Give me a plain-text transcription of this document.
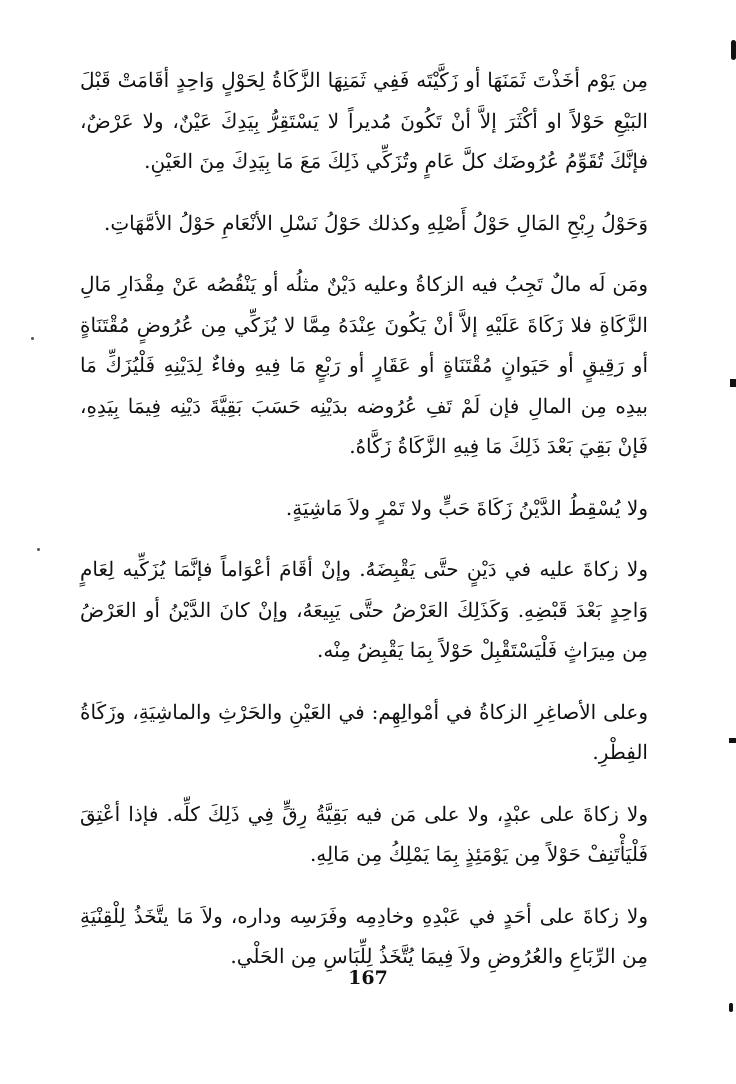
مِن يَوْم أخَذْتَ ثَمَنَهَا أو زَكَّيْتَه فَفِي ثَمَنِهَا الزَّكَاةُ لِحَوْلٍ وَاحِدٍ أقَامَتْ قَبْلَ البَيْعِ حَوْلاً او أكْثَرَ إلاَّ أنْ تَكُونَ مُديراً لا يَسْتَقِرُّ بِيَدِكَ عَيْنٌ، ولا عَرْضٌ، فإنَّكَ تُقَوِّمُ عُرُوضَك كلَّ عَامٍ وتُزَكِّي ذَلِكَ مَعَ مَا بِيَدِكَ مِنَ العَيْنِ.

وَحَوْلُ رِبْحِ المَالِ حَوْلُ أَصْلِهِ وكذلك حَوْلُ نَسْلِ الأنْعَامِ حَوْلُ الأمَّهَاتِ.

ومَن لَه مالٌ تَجِبُ فيه الزكاةُ وعليه دَيْنٌ مثلُه أو يَنْقُصُه عَنْ مِقْدَارِ مَالِ الزَّكَاةِ فلا زَكَاةَ عَلَيْهِ إلاَّ أنْ يَكُونَ عِنْدَهُ مِمَّا لا يُزَكِّي مِن عُرُوضٍ مُقْتَنَاةٍ أو رَقِيقٍ أو حَيَوانٍ مُقْتَنَاةٍ أو عَقَارٍ أو رَبْعٍ مَا فِيهِ وفاءٌ لِدَيْنِهِ فَلْيُزَكِّ مَا بيدِه مِن المالِ فإن لَمْ تَفِ عُرُوضه بدَيْنِه حَسَبَ بَقِيَّةَ دَيْنِه فِيمَا بِيَدِهِ، فَإنْ بَقِيَ بَعْدَ ذَلِكَ مَا فِيهِ الزَّكَاةُ زَكَّاهُ.

ولا يُسْقِطُ الدَّيْنُ زَكَاةَ حَبٍّ ولا تَمْرٍ ولاَ مَاشِيَةٍ.

ولا زكاةَ عليه في دَيْنٍ حتَّى يَقْبِضَهُ. وإنْ أقَامَ أعْوَاماً فإنَّمَا يُزَكِّيه لِعَامٍ وَاحِدٍ بَعْدَ قَبْضِهِ. وَكَذَلِكَ العَرْضُ حتَّى يَبِيعَهُ، وإنْ كانَ الدَّيْنُ أو العَرْضُ مِن مِيرَاثٍ فَلْيَسْتَقْبِلْ حَوْلاً بِمَا يَقْبِضُ مِنْه.

وعلى الأصاغِرِ الزكاةُ في أمْوالِهِم: في العَيْنِ والحَرْثِ والماشِيَةِ، وزَكَاةُ الفِطْرِ.

ولا زكاةَ على عبْدٍ، ولا على مَن فيه بَقِيَّةُ رِقٍّ فِي ذَلِكَ كلِّه. فإذا أعْتِقَ فَلْيَأْتَنِفْ حَوْلاً مِن يَوْمَئِذٍ بِمَا يَمْلِكُ مِن مَالِهِ.

ولا زكاةَ على أحَدٍ في عَبْدِهِ وخادِمِه وفَرَسِه وداره، ولاَ مَا يتَّخَذُ لِلْقِنْيَةِ مِن الرِّبَاعِ والعُرُوضِ ولاَ فِيمَا يُتَّخَذُ لِلِّبَاسِ مِن الحَلْي.

167
